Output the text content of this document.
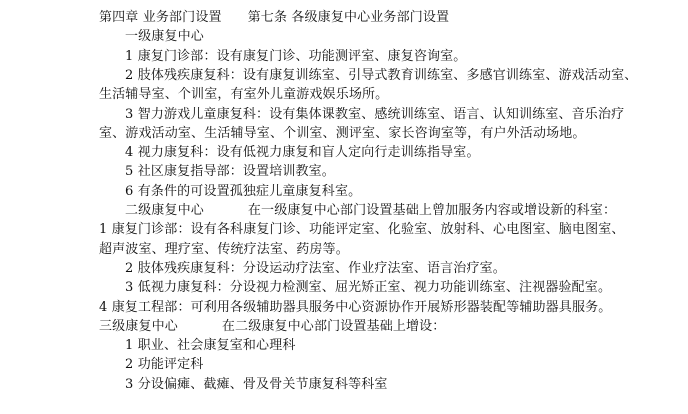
第四章 业务部门设置 第七条 各级康复中心业务部门设置
一级康复中心
1 康复门诊部：设有康复门诊、功能测评室、康复咨询室。
2 肢体残疾康复科：设有康复训练室、引导式教育训练室、多感官训练室、游戏活动室、
生活辅导室、个训室，有室外儿童游戏娱乐场所。
3 智力游戏儿童康复科：设有集体课教室、感统训练室、语言、认知训练室、音乐治疗
室、游戏活动室、生活辅导室、个训室、测评室、家长咨询室等，有户外活动场地。
4 视力康复科：设有低视力康复和盲人定向行走训练指导室。
5 社区康复指导部：设置培训教室。
6 有条件的可设置孤独症儿童康复科室。
二级康复中心	在一级康复中心部门设置基础上曾加服务内容或增设新的科室：
1 康复门诊部：设有各科康复门诊、功能评定室、化验室、放射科、心电图室、脑电图室、
超声波室、理疗室、传统疗法室、药房等。
2 肢体残疾康复科：分设运动疗法室、作业疗法室、语言治疗室。
3 低视力康复科：分设视力检测室、屈光矫正室、视力功能训练室、注视器验配室。
4 康复工程部：可利用各级辅助器具服务中心资源协作开展矫形器装配等辅助器具服务。
三级康复中心	在二级康复中心部门设置基础上增设：
1 职业、社会康复室和心理科
2 功能评定科
3 分设偏瘫、截瘫、骨及骨关节康复科等科室
